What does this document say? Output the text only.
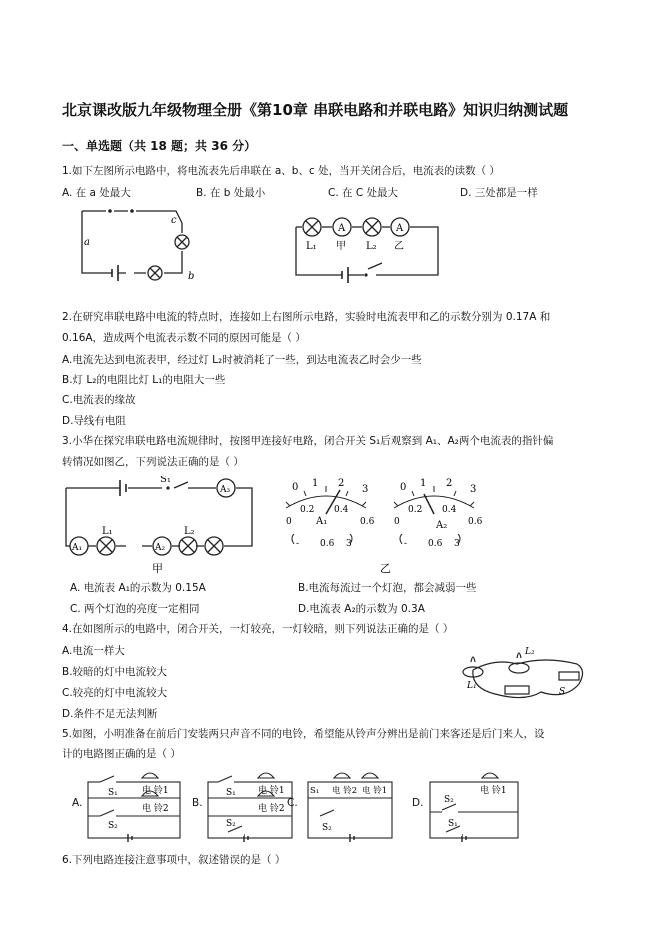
北京课改版九年级物理全册《第10章 串联电路和并联电路》知识归纳测试题
一、单选题（共 18 题；共 36 分）
1.如下左图所示电路中，将电流表先后串联在 a、b、c 处，当开关闭合后，电流表的读数（ ）
A. 在 a 处最大	B. 在 b 处最小	C. 在 C 处最大	D. 三处都是一样
c
a
b
A	A
L₁ 甲 L₂ 乙
2.在研究串联电路中电流的特点时，连接如上右图所示电路，实验时电流表甲和乙的示数分别为 0.17A 和
0.16A，造成两个电流表示数不同的原因可能是（ ）
A.电流先达到电流表甲，经过灯 L₂时被消耗了一些，到达电流表乙时会少一些
B.灯 L₂的电阻比灯 L₁的电阻大一些
C.电流表的缘故
D.导线有电阻
3.小华在探究串联电路电流规律时，按图甲连接好电路，闭合开关 S₁后观察到 A₁、A₂两个电流表的指针偏
转情况如图乙，下列说法正确的是（ ）
S₁
A₃
A₁
L₁
A₂
L₂
甲
0 1 2
3
0.2 0.4
0	0.6
A₁
0 1 2
3
0.2 0.4
0	0.6
A₂
- 0.6 3	- 0.6 3
乙
A. 电流表 A₁的示数为 0.15A	B.电流每流过一个灯泡，都会减弱一些
C. 两个灯泡的亮度一定相同	D.电流表 A₂的示数为 0.3A
4.在如图所示的电路中，闭合开关，一灯较亮，一灯较暗，则下列说法正确的是（ ）
A.电流一样大
B.较暗的灯中电流较大
C.较亮的灯中电流较大
D.条件不足无法判断
L₂
L₁
S
5.如图，小明准备在前后门安装两只声音不同的电铃，希望能从铃声分辨出是前门来客还是后门来人，设
计的电路图正确的是（ ）
A.
S₁
S₂
电 铃1
电 铃2 B.
S₁
S₂
电 铃1
电 铃2 C.
S₁ 电 铃2 电 铃1
S₂
D. S₂
S₁
电 铃1
6.下列电路连接注意事项中，叙述错误的是（ ）
